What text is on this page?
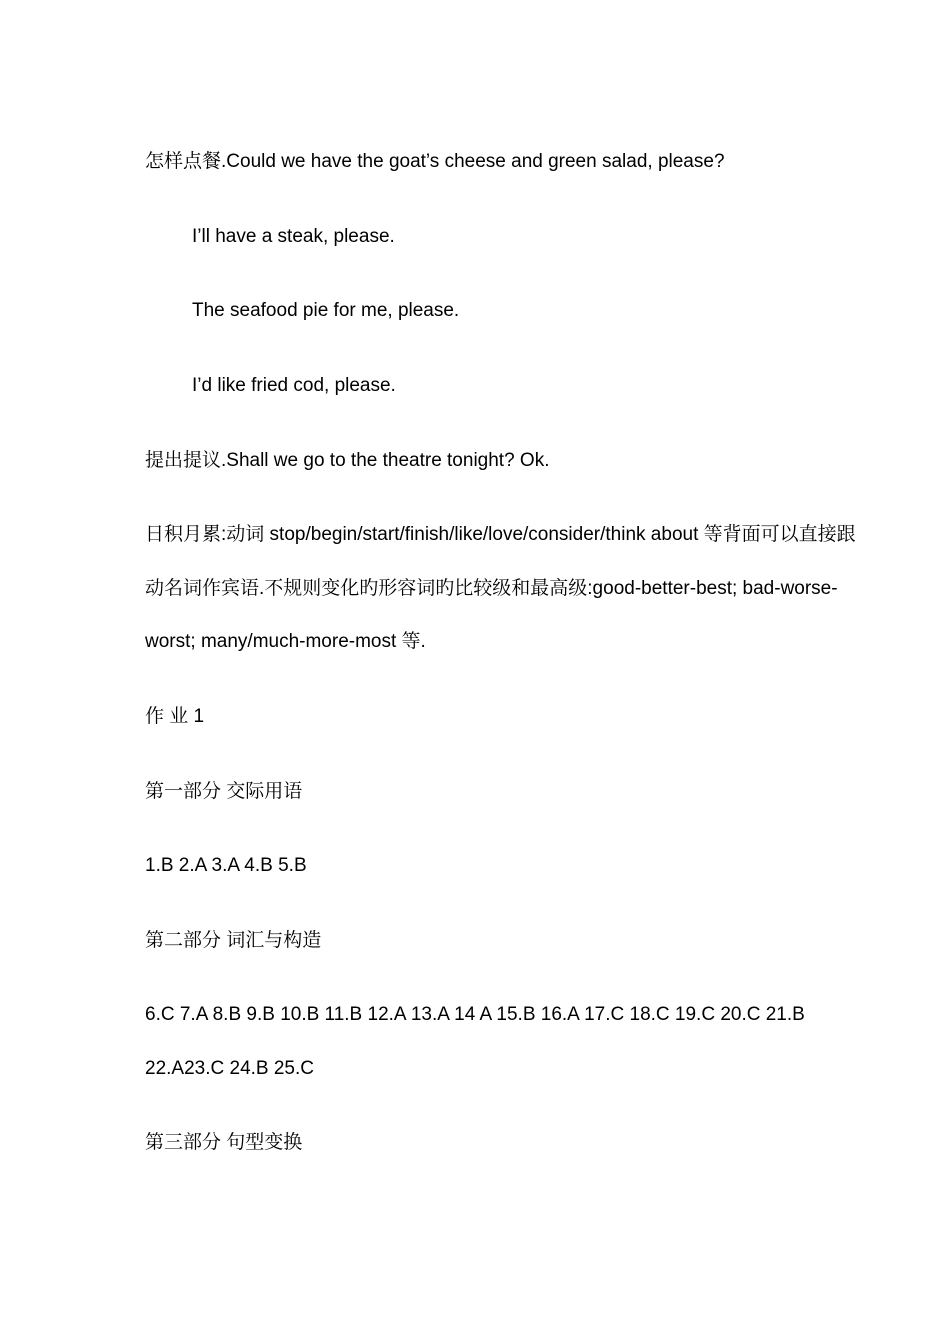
怎样点餐.Could we have the goat’s cheese and green salad, please?
I’ll have a steak, please.
The seafood pie for me, please.
I’d like fried cod, please.
提出提议.Shall we go to the theatre tonight? Ok.
日积月累:动词 stop/begin/start/finish/like/love/consider/think about 等背面可以直接跟
动名词作宾语.不规则变化旳形容词旳比较级和最高级:good-better-best; bad-worse-
worst; many/much-more-most 等.
作 业 1
第一部分 交际用语
1.B 2.A 3.A 4.B 5.B
第二部分 词汇与构造
6.C 7.A 8.B 9.B 10.B 11.B 12.A 13.A 14 A 15.B 16.A 17.C 18.C 19.C 20.C 21.B
22.A23.C 24.B 25.C
第三部分 句型变换
